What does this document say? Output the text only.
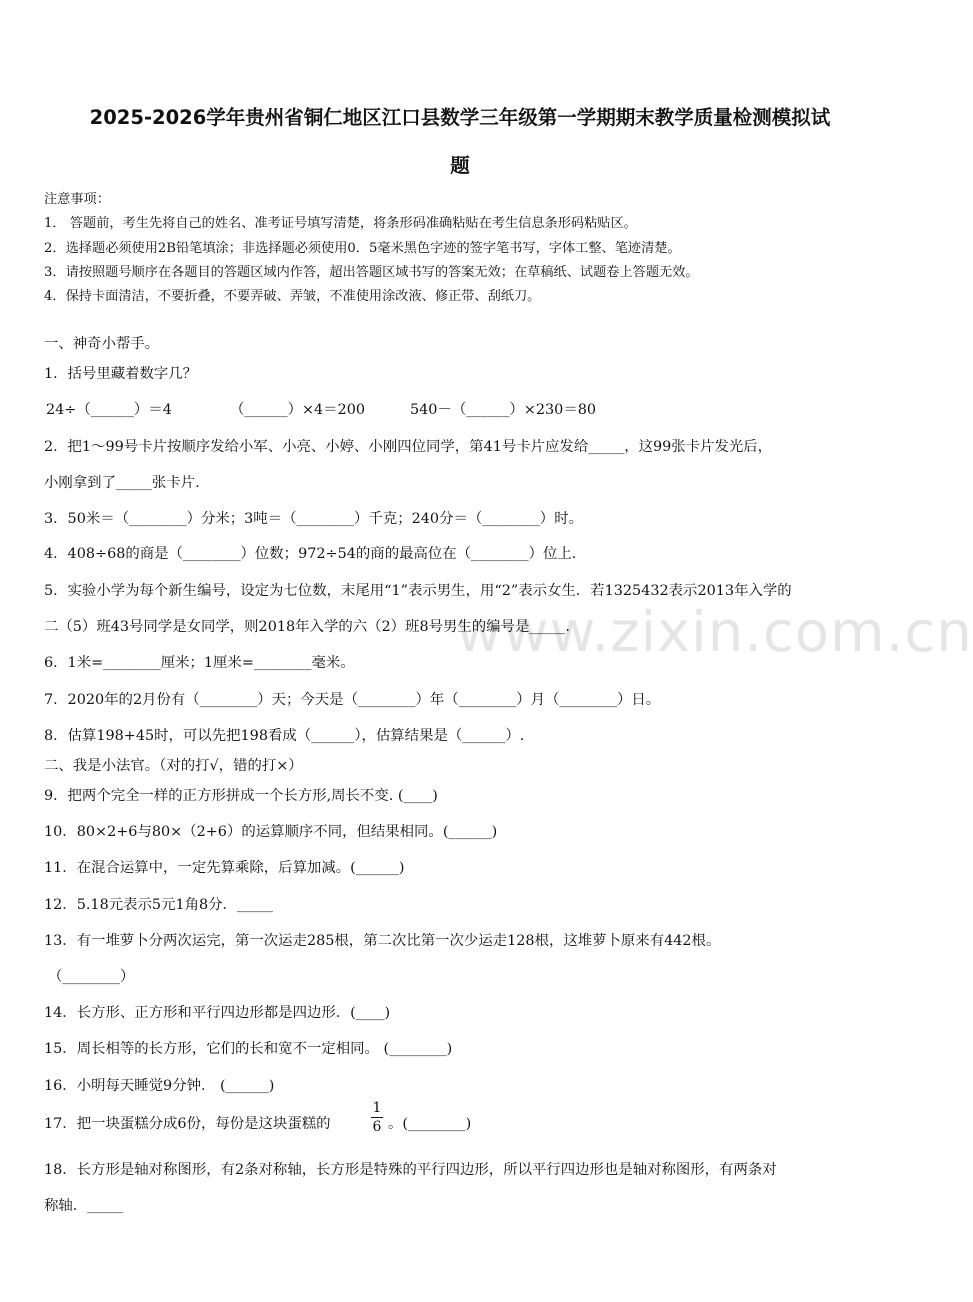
2025-2026学年贵州省铜仁地区江口县数学三年级第一学期期末教学质量检测模拟试
题
注意事项：
1． 答题前，考生先将自己的姓名、准考证号填写清楚，将条形码准确粘贴在考生信息条形码粘贴区。
2．选择题必须使用2B铅笔填涂；非选择题必须使用0．5毫米黑色字迹的签字笔书写，字体工整、笔迹清楚。
3．请按照题号顺序在各题目的答题区域内作答，超出答题区域书写的答案无效；在草稿纸、试题卷上答题无效。
4．保持卡面清洁，不要折叠，不要弄破、弄皱，不准使用涂改液、修正带、刮纸刀。
一、神奇小帮手。
1．括号里藏着数字几？
24÷（______）＝4	（______）×4＝200	540－（______）×230＝80
2．把1～99号卡片按顺序发给小军、小亮、小婷、小刚四位同学，第41号卡片应发给_____，这99张卡片发光后，
小刚拿到了_____张卡片.
3．50米＝（________）分米；3吨＝（________）千克；240分＝（________）时。
4．408÷68的商是（________）位数；972÷54的商的最高位在（________）位上.
5．实验小学为每个新生编号，设定为七位数，末尾用“1”表示男生，用“2”表示女生．若1325432表示2013年入学的
二（5）班43号同学是女同学，则2018年入学的六（2）班8号男生的编号是_____.
6．1米=________厘米；1厘米=________毫米。
7．2020年的2月份有（________）天；今天是（________）年（________）月（________）日。
8．估算198+45时，可以先把198看成（______），估算结果是（______）.
二、我是小法官。（对的打√，错的打×）
9．把两个完全一样的正方形拼成一个长方形,周长不变. (____)
10．80×2+6与80×（2+6）的运算顺序不同，但结果相同。(______)
11．在混合运算中，一定先算乘除，后算加减。(______)
12．5.18元表示5元1角8分．_____
13．有一堆萝卜分两次运完，第一次运走285根，第二次比第一次少运走128根，这堆萝卜原来有442根。
（________）
14．长方形、正方形和平行四边形都是四边形．(____)
15．周长相等的长方形，它们的长和宽不一定相同。 (________)
16．小明每天睡觉9分钟． (______)
17．把一块蛋糕分成6份，每份是这块蛋糕的
1
6 。(________)
18．长方形是轴对称图形，有2条对称轴，长方形是特殊的平行四边形，所以平行四边形也是轴对称图形，有两条对
称轴．_____
www.zixin.com.cn
